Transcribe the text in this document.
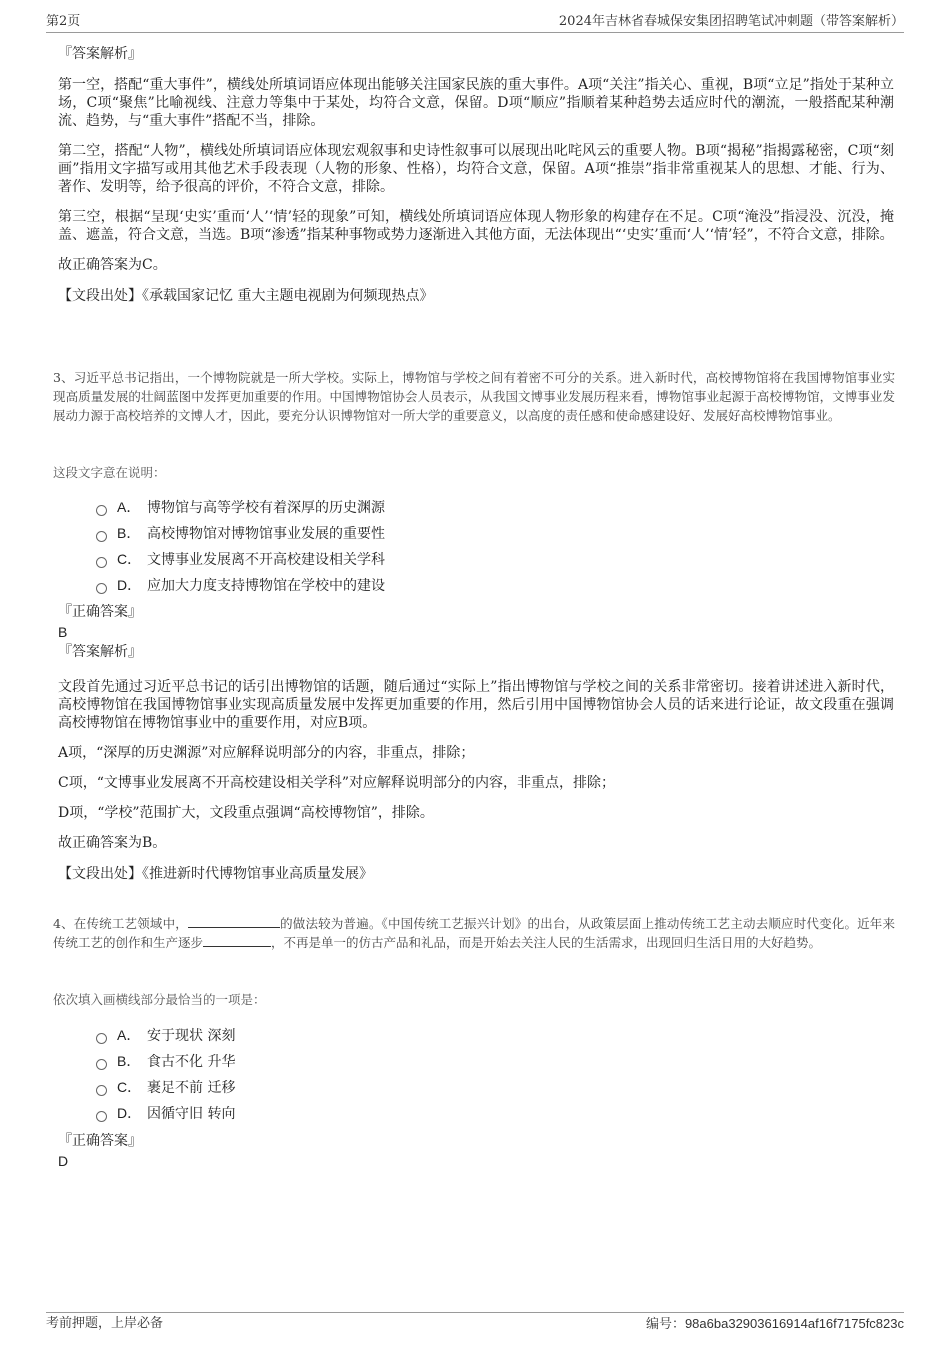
第2页	2024年吉林省春城保安集团招聘笔试冲刺题（带答案解析）
『答案解析』

第一空，搭配“重大事件”，横线处所填词语应体现出能够关注国家民族的重大事件。A项“关注”指关心、重视，B项“立足”指处于某种立场，C项“聚焦”比喻视线、注意力等集中于某处，均符合文意，保留。D项“顺应”指顺着某种趋势去适应时代的潮流，一般搭配某种潮流、趋势，与“重大事件”搭配不当，排除。

第二空，搭配“人物”，横线处所填词语应体现宏观叙事和史诗性叙事可以展现出叱咤风云的重要人物。B项“揭秘”指揭露秘密，C项“刻画”指用文字描写或用其他艺术手段表现（人物的形象、性格），均符合文意，保留。A项“推崇”指非常重视某人的思想、才能、行为、著作、发明等，给予很高的评价，不符合文意，排除。

第三空，根据“呈现‘史实’重而‘人’‘情’轻的现象”可知，横线处所填词语应体现人物形象的构建存在不足。C项“淹没”指浸没、沉没，掩盖、遮盖，符合文意，当选。B项“渗透”指某种事物或势力逐渐进入其他方面，无法体现出“‘史实’重而‘人’‘情’轻”，不符合文意，排除。

故正确答案为C。

【文段出处】《承载国家记忆 重大主题电视剧为何频现热点》
3、习近平总书记指出，一个博物院就是一所大学校。实际上，博物馆与学校之间有着密不可分的关系。进入新时代，高校博物馆将在我国博物馆事业实现高质量发展的壮阔蓝图中发挥更加重要的作用。中国博物馆协会人员表示，从我国文博事业发展历程来看，博物馆事业起源于高校博物馆，文博事业发展动力源于高校培养的文博人才，因此，要充分认识博物馆对一所大学的重要意义，以高度的责任感和使命感建设好、发展好高校博物馆事业。
这段文字意在说明：
A． 博物馆与高等学校有着深厚的历史渊源
B． 高校博物馆对博物馆事业发展的重要性
C． 文博事业发展离不开高校建设相关学科
D． 应加大力度支持博物馆在学校中的建设
『正确答案』
B
『答案解析』

文段首先通过习近平总书记的话引出博物馆的话题，随后通过“实际上”指出博物馆与学校之间的关系非常密切。接着讲述进入新时代，高校博物馆在我国博物馆事业实现高质量发展中发挥更加重要的作用，然后引用中国博物馆协会人员的话来进行论证，故文段重在强调高校博物馆在博物馆事业中的重要作用，对应B项。

A项，“深厚的历史渊源”对应解释说明部分的内容，非重点，排除；

C项，“文博事业发展离不开高校建设相关学科”对应解释说明部分的内容，非重点，排除；

D项，“学校”范围扩大，文段重点强调“高校博物馆”，排除。

故正确答案为B。

【文段出处】《推进新时代博物馆事业高质量发展》
4、在传统工艺领域中，	的做法较为普遍。《中国传统工艺振兴计划》的出台，从政策层面上推动传统工艺主动去顺应时代变化。近年来传统工艺的创作和生产逐步	，不再是单一的仿古产品和礼品，而是开始去关注人民的生活需求，出现回归生活日用的大好趋势。
依次填入画横线部分最恰当的一项是：
A． 安于现状 深刻
B． 食古不化 升华
C． 裹足不前 迁移
D． 因循守旧 转向
『正确答案』
D
考前押题，上岸必备	编号：98a6ba32903616914af16f7175fc823c
